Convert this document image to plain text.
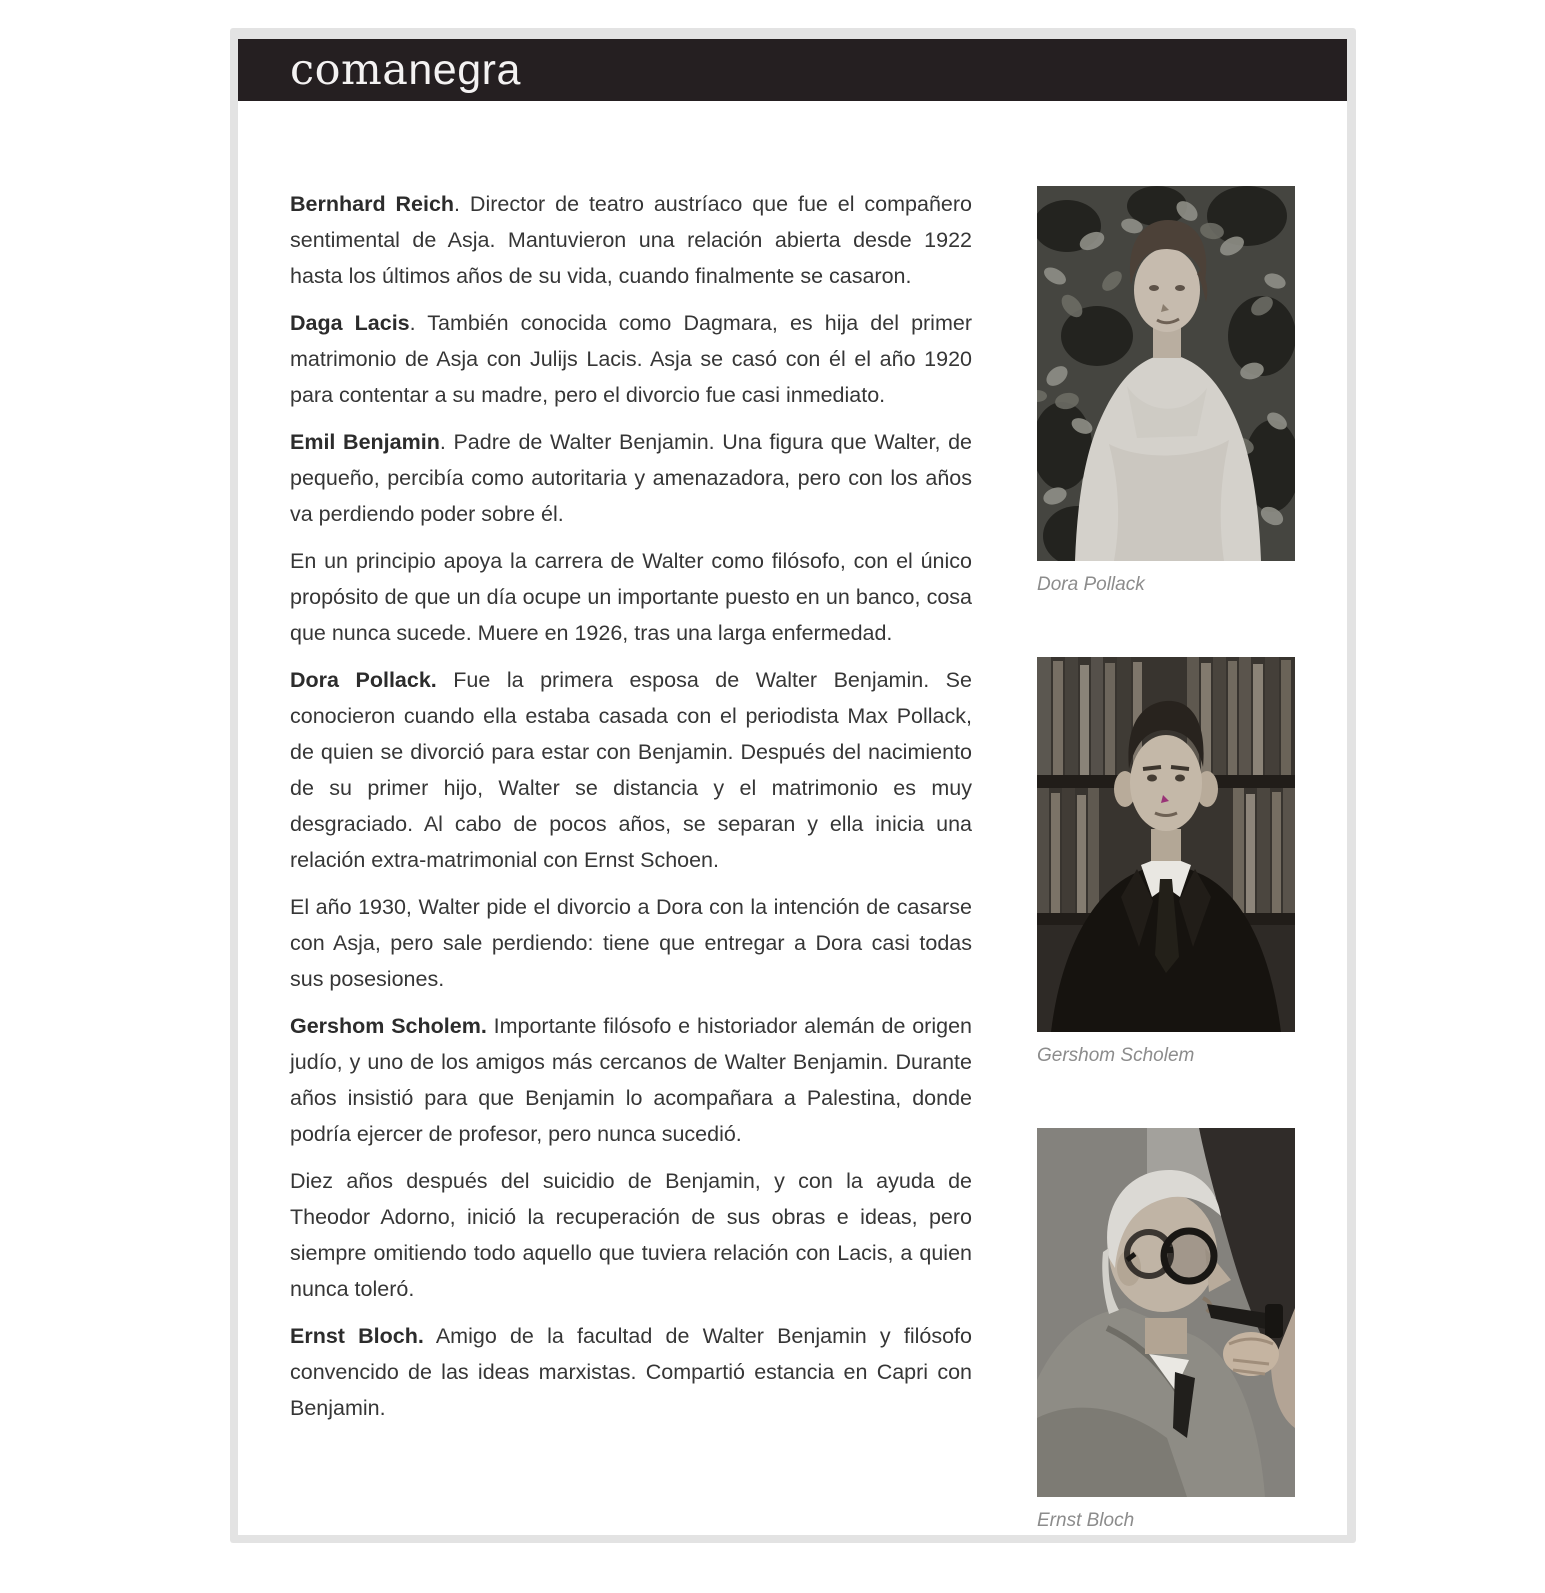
comanegra

Bernhard Reich. Director de teatro austríaco que fue el compañero sentimental de Asja. Mantuvieron una relación abierta desde 1922 hasta los últimos años de su vida, cuando finalmente se casaron.

Daga Lacis. También conocida como Dagmara, es hija del primer matrimonio de Asja con Julijs Lacis. Asja se casó con él el año 1920 para contentar a su madre, pero el divorcio fue casi inmediato.

Emil Benjamin. Padre de Walter Benjamin. Una figura que Walter, de pequeño, percibía como autoritaria y amenazadora, pero con los años va perdiendo poder sobre él.

En un principio apoya la carrera de Walter como filósofo, con el único propósito de que un día ocupe un importante puesto en un banco, cosa que nunca sucede. Muere en 1926, tras una larga enfermedad.

Dora Pollack. Fue la primera esposa de Walter Benjamin. Se conocieron cuando ella estaba casada con el periodista Max Pollack, de quien se divorció para estar con Benjamin. Después del nacimiento de su primer hijo, Walter se distancia y el matrimonio es muy desgraciado. Al cabo de pocos años, se separan y ella inicia una relación extra-matrimonial con Ernst Schoen.

El año 1930, Walter pide el divorcio a Dora con la intención de casarse con Asja, pero sale perdiendo: tiene que entregar a Dora casi todas sus posesiones.

Gershom Scholem. Importante filósofo e historiador alemán de origen judío, y uno de los amigos más cercanos de Walter Benjamin. Durante años insistió para que Benjamin lo acompañara a Palestina, donde podría ejercer de profesor, pero nunca sucedió.

Diez años después del suicidio de Benjamin, y con la ayuda de Theodor Adorno, inició la recuperación de sus obras e ideas, pero siempre omitiendo todo aquello que tuviera relación con Lacis, a quien nunca toleró.

Ernst Bloch. Amigo de la facultad de Walter Benjamin y filósofo convencido de las ideas marxistas. Compartió estancia en Capri con Benjamin.

Dora Pollack
Gershom Scholem
Ernst Bloch
